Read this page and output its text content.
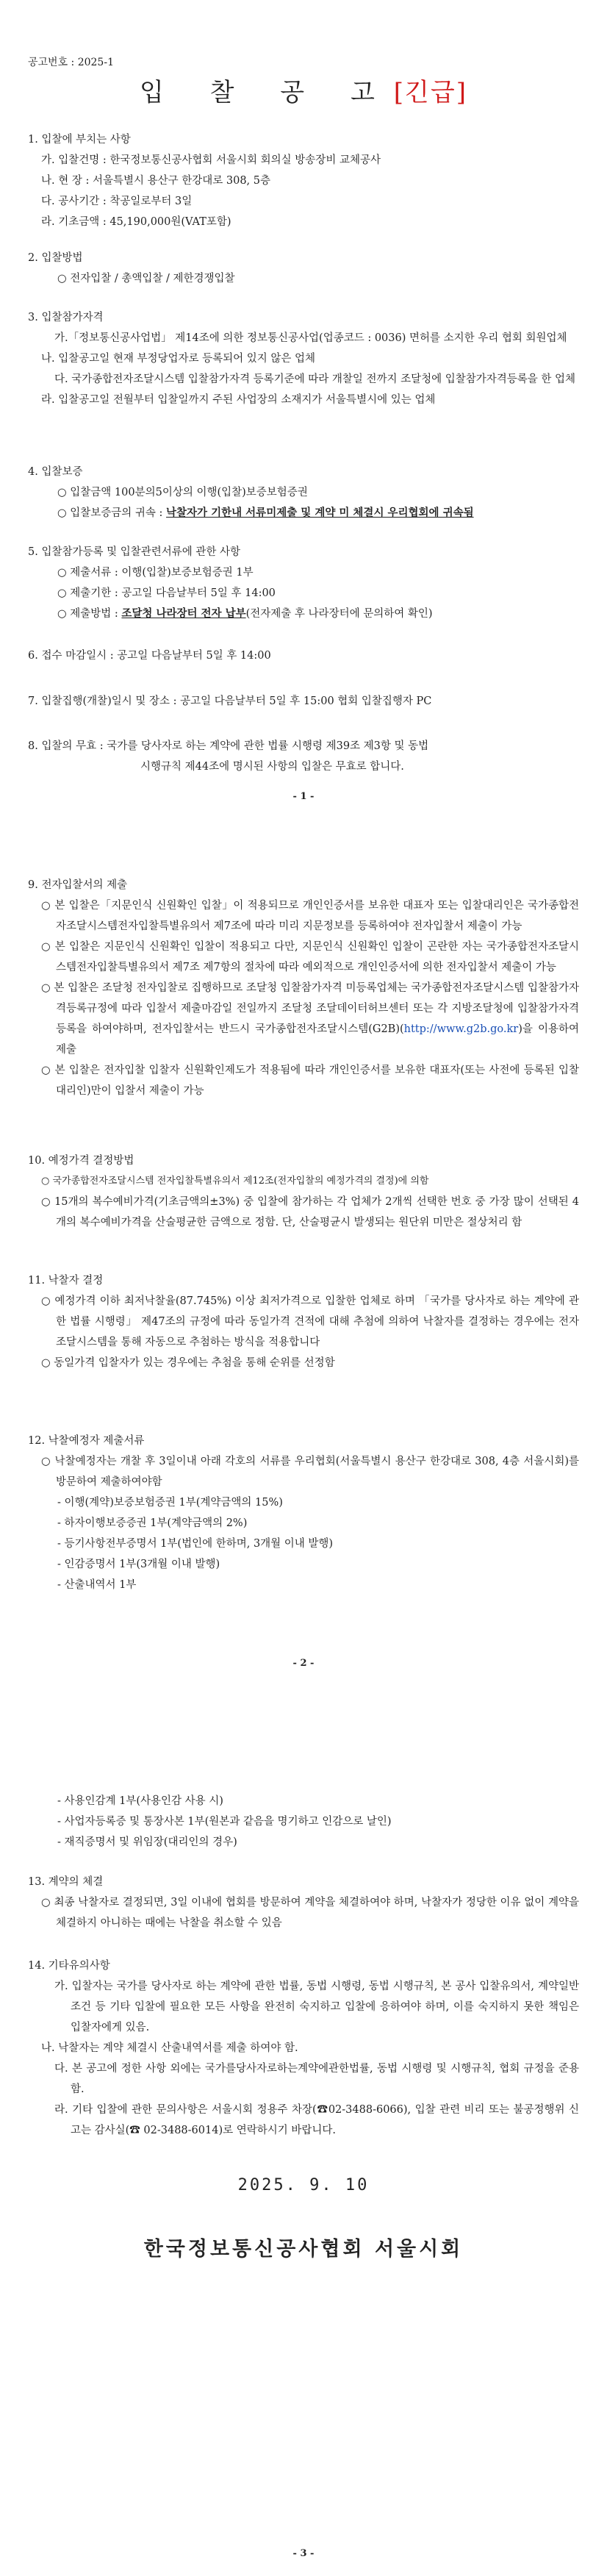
공고번호 : 2025-1
입 찰 공 고[긴급]

1. 입찰에 부치는 사항

가. 입찰건명 : 한국정보통신공사협회 서울시회 회의실 방송장비 교체공사

나. 현 장 : 서울특별시 용산구 한강대로 308, 5층

다. 공사기간 : 착공일로부터 3일

라. 기초금액 : 45,190,000원(VAT포함)

2. 입찰방법

○ 전자입찰 / 총액입찰 / 제한경쟁입찰

3. 입찰참가자격

가.「정보통신공사업법」 제14조에 의한 정보통신공사업(업종코드 : 0036) 면허를 소지한 우리 협회 회원업체

나. 입찰공고일 현재 부정당업자로 등록되어 있지 않은 업체

다. 국가종합전자조달시스템 입찰참가자격 등록기준에 따라 개찰일 전까지 조달청에 입찰참가자격등록을 한 업체

라. 입찰공고일 전월부터 입찰일까지 주된 사업장의 소재지가 서울특별시에 있는 업체

4. 입찰보증

○ 입찰금액 100분의5이상의 이행(입찰)보증보험증권

○ 입찰보증금의 귀속 : 낙찰자가 기한내 서류미제출 및 계약 미 체결시 우리협회에 귀속됨

5. 입찰참가등록 및 입찰관련서류에 관한 사항

○ 제출서류 : 이행(입찰)보증보험증권 1부

○ 제출기한 : 공고일 다음날부터 5일 후 14:00

○ 제출방법 : 조달청 나라장터 전자 납부(전자제출 후 나라장터에 문의하여 확인)

6. 접수 마감일시 : 공고일 다음날부터 5일 후 14:00

7. 입찰집행(개찰)일시 및 장소 : 공고일 다음날부터 5일 후 15:00 협회 입찰집행자 PC

8. 입찰의 무효 : 국가를 당사자로 하는 계약에 관한 법률 시행령 제39조 제3항 및 동법

시행규칙 제44조에 명시된 사항의 입찰은 무효로 합니다.

- 1 -

9. 전자입찰서의 제출

○ 본 입찰은「지문인식 신원확인 입찰」이 적용되므로 개인인증서를 보유한 대표자 또는 입찰대리인은 국가종합전자조달시스템전자입찰특별유의서 제7조에 따라 미리 지문정보를 등록하여야 전자입찰서 제출이 가능

○ 본 입찰은 지문인식 신원확인 입찰이 적용되고 다만, 지문인식 신원확인 입찰이 곤란한 자는 국가종합전자조달시스템전자입찰특별유의서 제7조 제7항의 절차에 따라 예외적으로 개인인증서에 의한 전자입찰서 제출이 가능

○ 본 입찰은 조달청 전자입찰로 집행하므로 조달청 입찰참가자격 미등록업체는 국가종합전자조달시스템 입찰참가자격등록규정에 따라 입찰서 제출마감일 전일까지 조달청 조달데이터허브센터 또는 각 지방조달청에 입찰참가자격 등록을 하여야하며, 전자입찰서는 반드시 국가종합전자조달시스템(G2B)(http://www.g2b.go.kr)을 이용하여 제출

○ 본 입찰은 전자입찰 입찰자 신원확인제도가 적용됨에 따라 개인인증서를 보유한 대표자(또는 사전에 등록된 입찰대리인)만이 입찰서 제출이 가능

10. 예정가격 결정방법

○ 국가종합전자조달시스템 전자입찰특별유의서 제12조(전자입찰의 예정가격의 결정)에 의함

○ 15개의 복수예비가격(기초금액의±3%) 중 입찰에 참가하는 각 업체가 2개씩 선택한 번호 중 가장 많이 선택된 4개의 복수예비가격을 산술평균한 금액으로 정함. 단, 산술평균시 발생되는 원단위 미만은 절상처리 함

11. 낙찰자 결정

○ 예정가격 이하 최저낙찰율(87.745%) 이상 최저가격으로 입찰한 업체로 하며 「국가를 당사자로 하는 계약에 관한 법률 시행령」 제47조의 규정에 따라 동일가격 견적에 대해 추첨에 의하여 낙찰자를 결정하는 경우에는 전자조달시스템을 통해 자동으로 추첨하는 방식을 적용합니다

○ 동일가격 입찰자가 있는 경우에는 추첨을 통해 순위를 선정함

12. 낙찰예정자 제출서류

○ 낙찰예정자는 개찰 후 3일이내 아래 각호의 서류를 우리협회(서울특별시 용산구 한강대로 308, 4층 서울시회)를 방문하여 제출하여야함

- 이행(계약)보증보험증권 1부(계약금액의 15%)

- 하자이행보증증권 1부(계약금액의 2%)

- 등기사항전부증명서 1부(법인에 한하며, 3개월 이내 발행)

- 인감증명서 1부(3개월 이내 발행)

- 산출내역서 1부

- 2 -

- 사용인감계 1부(사용인감 사용 시)

- 사업자등록증 및 통장사본 1부(원본과 같음을 명기하고 인감으로 날인)

- 재직증명서 및 위임장(대리인의 경우)

13. 계약의 체결

○ 최종 낙찰자로 결정되면, 3일 이내에 협회를 방문하여 계약을 체결하여야 하며, 낙찰자가 정당한 이유 없이 계약을 체결하지 아니하는 때에는 낙찰을 취소할 수 있음

14. 기타유의사항

가. 입찰자는 국가를 당사자로 하는 계약에 관한 법률, 동법 시행령, 동법 시행규칙, 본 공사 입찰유의서, 계약일반조건 등 기타 입찰에 필요한 모든 사항을 완전히 숙지하고 입찰에 응하여야 하며, 이를 숙지하지 못한 책임은 입찰자에게 있음.

나. 낙찰자는 계약 체결시 산출내역서를 제출 하여야 함.

다. 본 공고에 정한 사항 외에는 국가를당사자로하는계약에관한법률, 동법 시행령 및 시행규칙, 협회 규정을 준용함.

라. 기타 입찰에 관한 문의사항은 서울시회 정용주 차장(☎02-3488-6066), 입찰 관련 비리 또는 불공정행위 신고는 감사실(☎ 02-3488-6014)로 연락하시기 바랍니다.

2025. 9. 10
한국정보통신공사협회 서울시회
- 3 -
